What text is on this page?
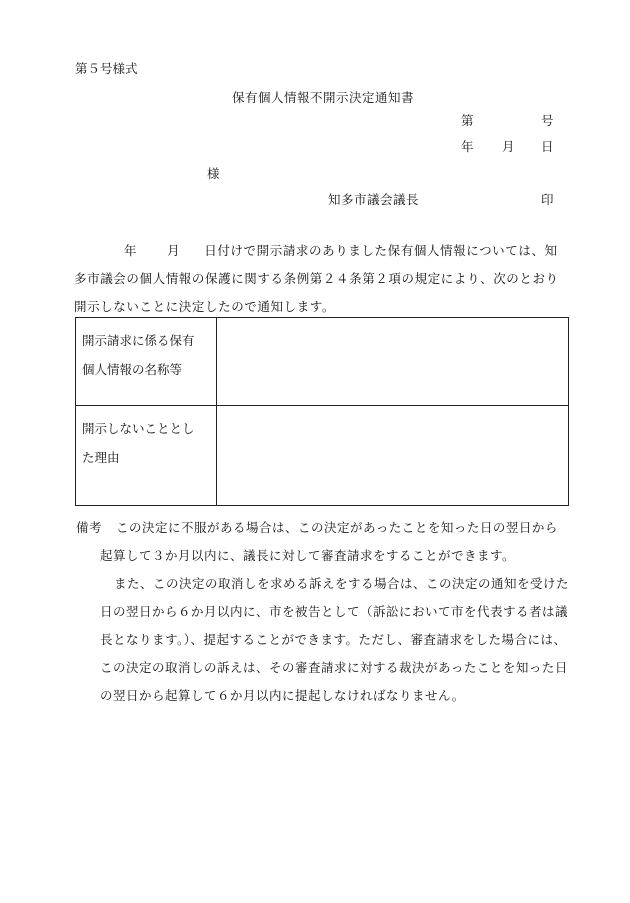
第５号様式
保有個人情報不開示決定通知書
第	号
年 月 日
様
知多市議会議長	印
年 月 日付けで開示請求のありました保有個人情報については、知
多市議会の個人情報の保護に関する条例第２４条第２項の規定により、次のとおり
開示しないことに決定したので通知します。
開示請求に係る保有
個人情報の名称等	

開示しないこととし
た理由	

備考 この決定に不服がある場合は、この決定があったことを知った日の翌日から
起算して３か月以内に、議長に対して審査請求をすることができます。
また、この決定の取消しを求める訴えをする場合は、この決定の通知を受けた日の翌日から６か月以内に、市を被告として（訴訟において市を代表する者は議長となります。）、提起することができます。ただし、審査請求をした場合には、この決定の取消しの訴えは、その審査請求に対する裁決があったことを知った日の翌日から起算して６か月以内に提起しなければなりません。
